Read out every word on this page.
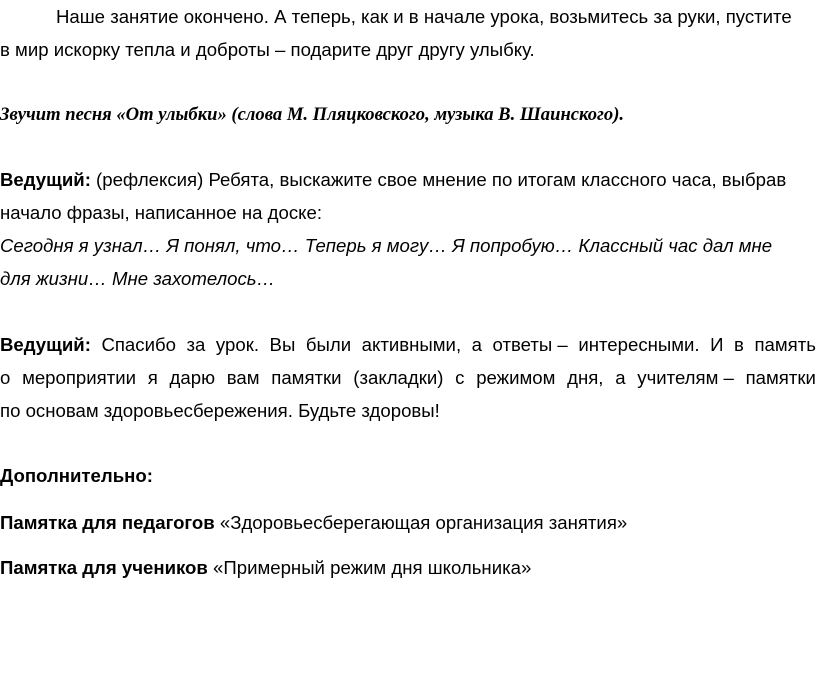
Наше занятие окончено. А теперь, как и в начале урока, возьмитесь за руки, пустите
в мир искорку тепла и доброты – подарите друг другу улыбку.
Звучит песня «От улыбки» (слова М. Пляцковского, музыка В. Шаинского).
Ведущий: (рефлексия) Ребята, выскажите свое мнение по итогам классного часа, выбрав
начало фразы, написанное на доске:
Сегодня я узнал… Я понял, что… Теперь я могу… Я попробую… Классный час дал мне
для жизни… Мне захотелось…
Ведущий: Спасибо за урок. Вы были активными, а ответы – интересными. И в память
о мероприятии я дарю вам памятки (закладки) с режимом дня, а учителям – памятки
по основам здоровьесбережения. Будьте здоровы!
Дополнительно:
Памятка для педагогов «Здоровьесберегающая организация занятия»
Памятка для учеников «Примерный режим дня школьника»
